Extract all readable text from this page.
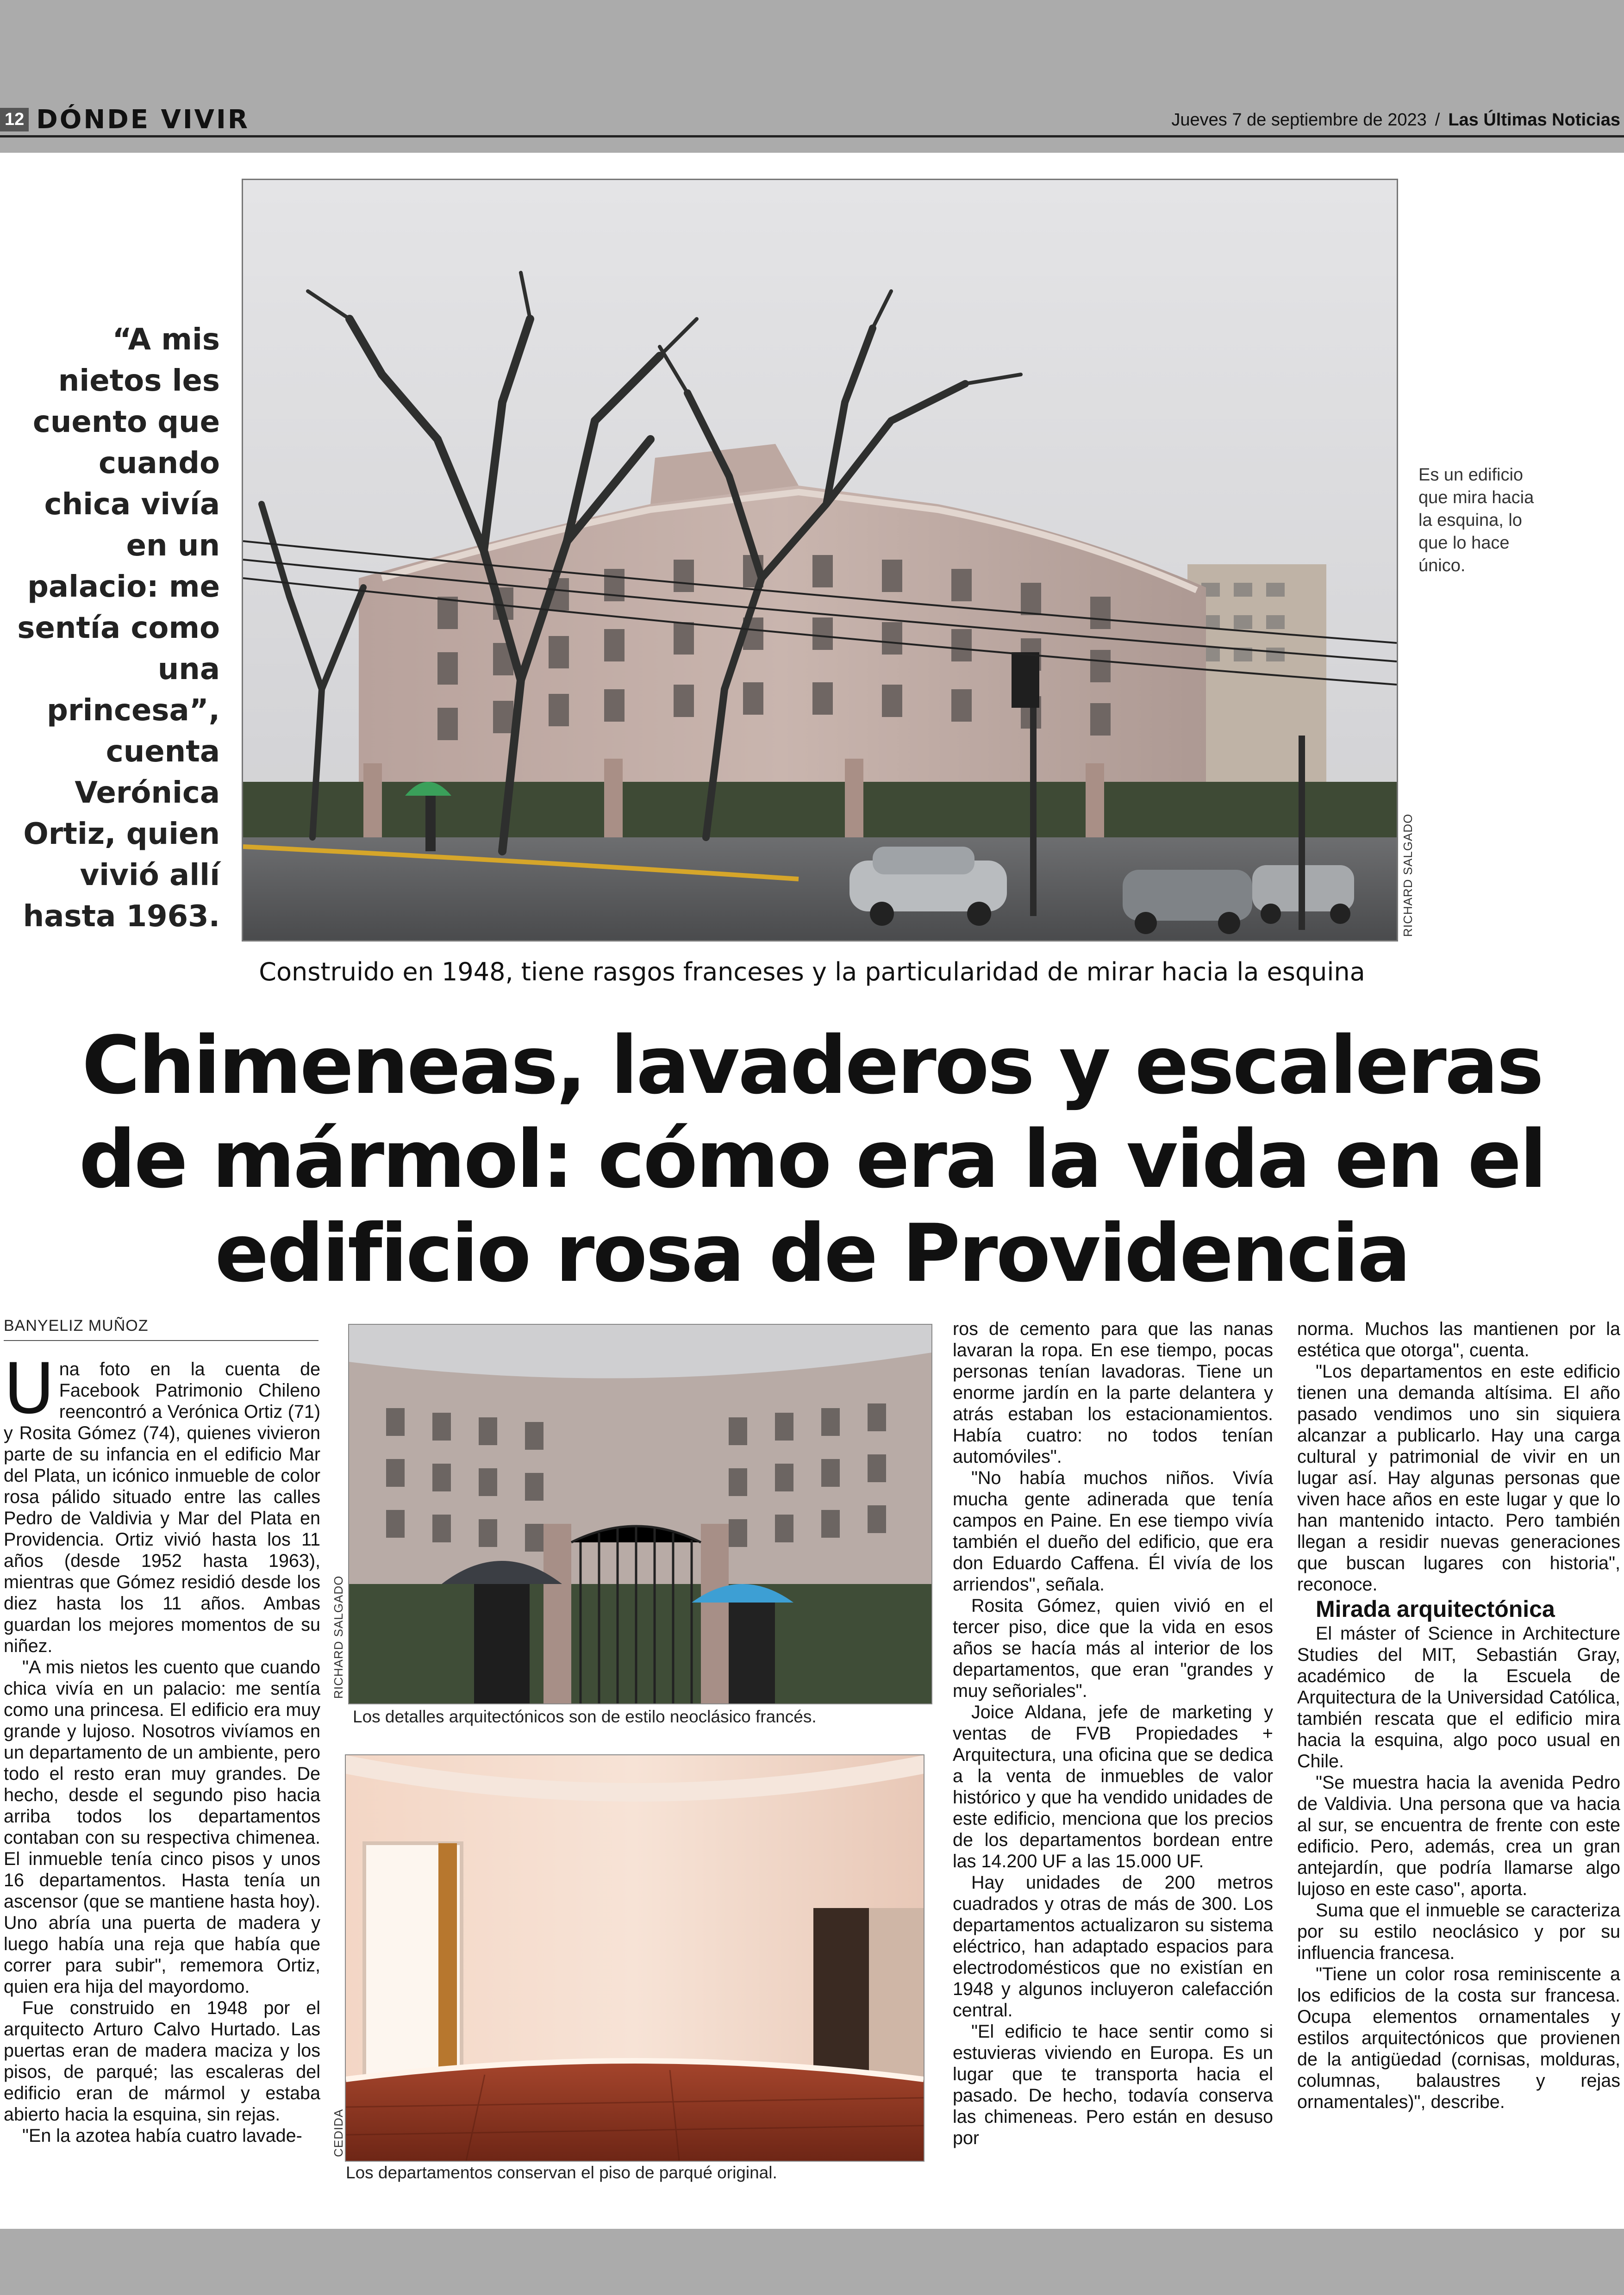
12 DÓNDE VIVIR	Jueves 7 de septiembre de 2023 / Las Últimas Noticias
“A mis nietos les cuento que cuando chica vivía en un palacio: me sentía como una princesa”, cuenta Verónica Ortiz, quien vivió allí hasta 1963.	RICHARD SALGADO
Es un edificio que mira hacia la esquina, lo que lo hace único.
Construido en 1948, tiene rasgos franceses y la particularidad de mirar hacia la esquina
Chimeneas, lavaderos y escaleras de mármol: cómo era la vida en el edificio rosa de Providencia
BANYELIZ MUÑOZ

Una foto en la cuenta de Facebook Patrimonio Chileno reencontró a Verónica Ortiz (71) y Rosita Gómez (74), quienes vivieron parte de su infancia en el edificio Mar del Plata, un icónico inmueble de color rosa pálido situado entre las calles Pedro de Valdivia y Mar del Plata en Providencia. Ortiz vivió hasta los 11 años (desde 1952 hasta 1963), mientras que Gómez residió desde los diez hasta los 11 años. Ambas guardan los mejores momentos de su niñez.

"A mis nietos les cuento que cuando chica vivía en un palacio: me sentía como una princesa. El edificio era muy grande y lujoso. Nosotros vivíamos en un departamento de un ambiente, pero todo el resto eran muy grandes. De hecho, desde el segundo piso hacia arriba todos los departamentos contaban con su respectiva chimenea. El inmueble tenía cinco pisos y unos 16 departamentos. Hasta tenía un ascensor (que se mantiene hasta hoy). Uno abría una puerta de madera y luego había una reja que había que correr para subir", rememora Ortiz, quien era hija del mayordomo.

Fue construido en 1948 por el arquitecto Arturo Calvo Hurtado. Las puertas eran de madera maciza y los pisos, de parqué; las escaleras del edificio eran de mármol y estaba abierto hacia la esquina, sin rejas.

"En la azotea había cuatro lavade-

RICHARD SALGADO
Los detalles arquitectónicos son de estilo neoclásico francés.
CEDIDA
Los departamentos conservan el piso de parqué original.

ros de cemento para que las nanas lavaran la ropa. En ese tiempo, pocas personas tenían lavadoras. Tiene un enorme jardín en la parte delantera y atrás estaban los estacionamientos. Había cuatro: no todos tenían automóviles".

"No había muchos niños. Vivía mucha gente adinerada que tenía campos en Paine. En ese tiempo vivía también el dueño del edificio, que era don Eduardo Caffena. Él vivía de los arriendos", señala.

Rosita Gómez, quien vivió en el tercer piso, dice que la vida en esos años se hacía más al interior de los departamentos, que eran "grandes y muy señoriales".

Joice Aldana, jefe de marketing y ventas de FVB Propiedades + Arquitectura, una oficina que se dedica a la venta de inmuebles de valor histórico y que ha vendido unidades de este edificio, menciona que los precios de los departamentos bordean entre las 14.200 UF a las 15.000 UF.

Hay unidades de 200 metros cuadrados y otras de más de 300. Los departamentos actualizaron su sistema eléctrico, han adaptado espacios para electrodomésticos que no existían en 1948 y algunos incluyeron calefacción central.

"El edificio te hace sentir como si estuvieras viviendo en Europa. Es un lugar que te transporta hacia el pasado. De hecho, todavía conserva las chimeneas. Pero están en desuso por

norma. Muchos las mantienen por la estética que otorga", cuenta.

"Los departamentos en este edificio tienen una demanda altísima. El año pasado vendimos uno sin siquiera alcanzar a publicarlo. Hay una carga cultural y patrimonial de vivir en un lugar así. Hay algunas personas que viven hace años en este lugar y que lo han mantenido intacto. Pero también llegan a residir nuevas generaciones que buscan lugares con historia", reconoce.

Mirada arquitectónica

El máster of Science in Architecture Studies del MIT, Sebastián Gray, académico de la Escuela de Arquitectura de la Universidad Católica, también rescata que el edificio mira hacia la esquina, algo poco usual en Chile.

"Se muestra hacia la avenida Pedro de Valdivia. Una persona que va hacia al sur, se encuentra de frente con este edificio. Pero, además, crea un gran antejardín, que podría llamarse algo lujoso en este caso", aporta.

Suma que el inmueble se caracteriza por su estilo neoclásico y por su influencia francesa.

"Tiene un color rosa reminiscente a los edificios de la costa sur francesa. Ocupa elementos ornamentales y estilos arquitectónicos que provienen de la antigüedad (cornisas, molduras, columnas, balaustres y rejas ornamentales)", describe.
